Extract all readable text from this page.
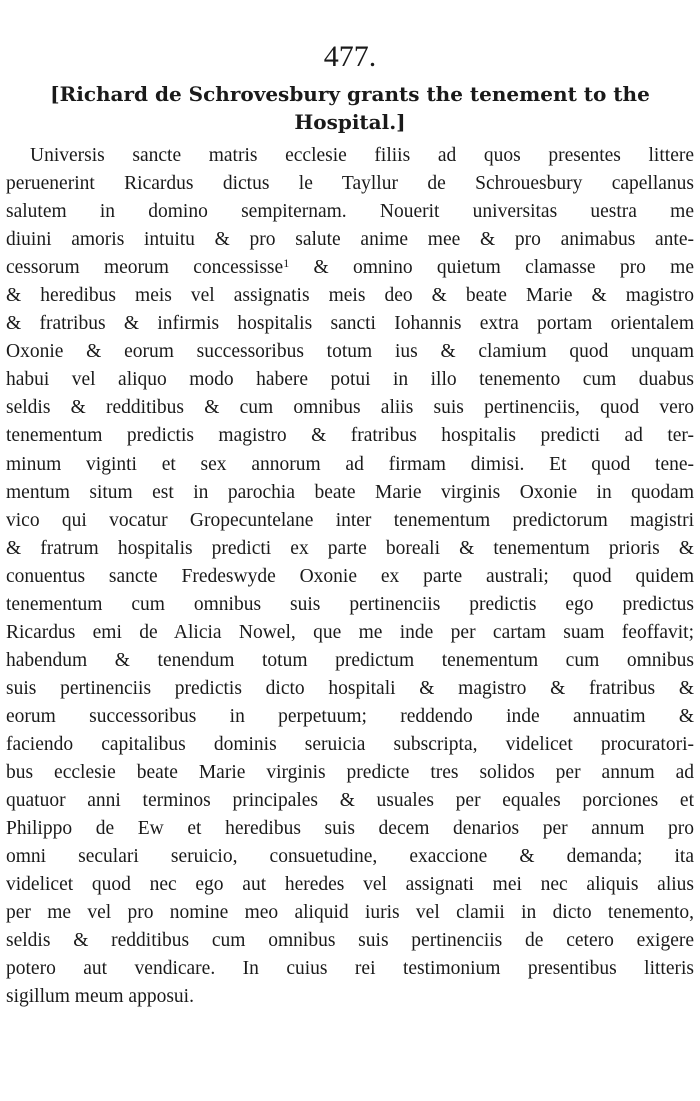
477.

[Richard de Schrovesbury grants the tenement to the Hospital.]
Universis sancte matris ecclesie filiis ad quos presentes littere
peruenerint Ricardus dictus le Tayllur de Schrouesbury capellanus
salutem in domino sempiternam. Nouerit universitas uestra me
diuini amoris intuitu & pro salute anime mee & pro animabus ante-
cessorum meorum concessisse$^1$ & omnino quietum clamasse pro me
& heredibus meis vel assignatis meis deo & beate Marie & magistro
& fratribus & infirmis hospitalis sancti Iohannis extra portam orientalem
Oxonie & eorum successoribus totum ius & clamium quod unquam
habui vel aliquo modo habere potui in illo tenemento cum duabus
seldis & redditibus & cum omnibus aliis suis pertinenciis, quod vero
tenementum predictis magistro & fratribus hospitalis predicti ad ter-
minum viginti et sex annorum ad firmam dimisi. Et quod tene-
mentum situm est in parochia beate Marie virginis Oxonie in quodam
vico qui vocatur Gropecuntelane inter tenementum predictorum magistri
& fratrum hospitalis predicti ex parte boreali & tenementum prioris &
conuentus sancte Fredeswyde Oxonie ex parte australi; quod quidem
tenementum cum omnibus suis pertinenciis predictis ego predictus
Ricardus emi de Alicia Nowel, que me inde per cartam suam feoffavit;
habendum & tenendum totum predictum tenementum cum omnibus
suis pertinenciis predictis dicto hospitali & magistro & fratribus &
eorum successoribus in perpetuum; reddendo inde annuatim &
faciendo capitalibus dominis seruicia subscripta, videlicet procuratori-
bus ecclesie beate Marie virginis predicte tres solidos per annum ad
quatuor anni terminos principales & usuales per equales porciones et
Philippo de Ew et heredibus suis decem denarios per annum pro
omni seculari seruicio, consuetudine, exaccione & demanda; ita
videlicet quod nec ego aut heredes vel assignati mei nec aliquis alius
per me vel pro nomine meo aliquid iuris vel clamii in dicto tenemento,
seldis & redditibus cum omnibus suis pertinenciis de cetero exigere
potero aut vendicare. In cuius rei testimonium presentibus litteris
sigillum meum apposui.
